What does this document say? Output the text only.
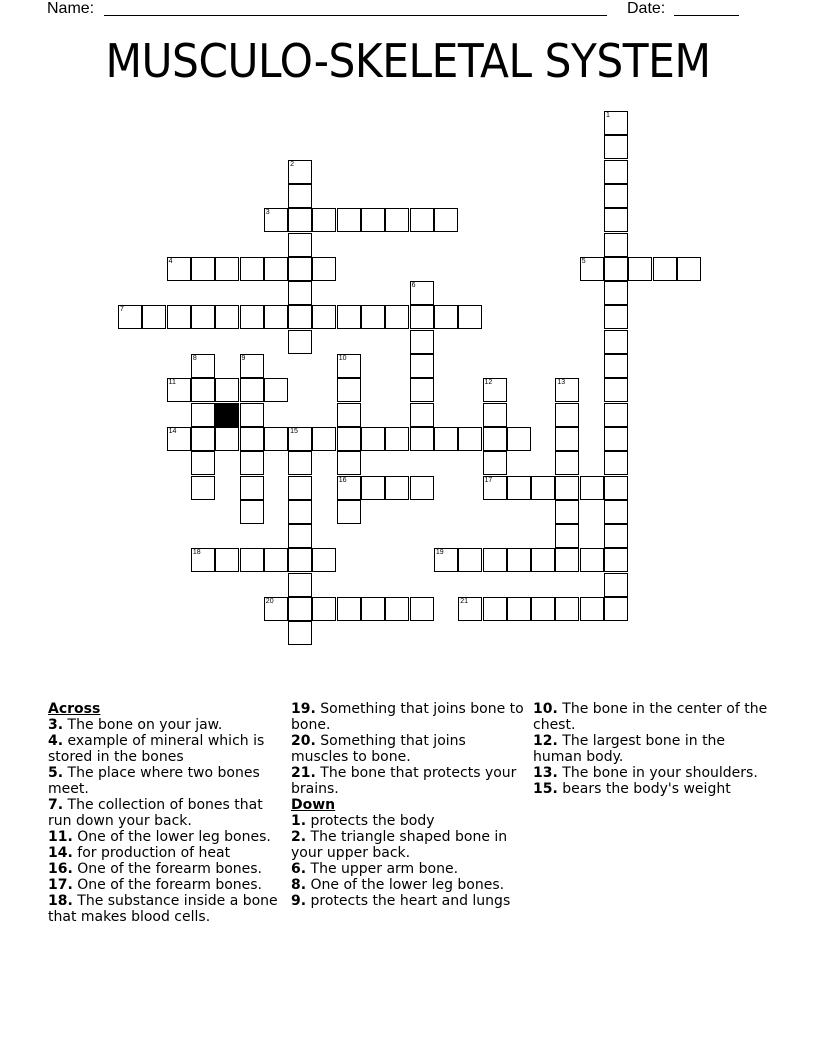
Name:	Date:
MUSCULO-SKELETAL SYSTEM
3
4	5
7
11
14	15
16	17
18	19
20	21
1
2
6
8	9	10
12	13
Across
3. The bone on your jaw.
4. example of mineral which is stored in the bones
5. The place where two bones meet.
7. The collection of bones that run down your back.
11. One of the lower leg bones.
14. for production of heat
16. One of the forearm bones.
17. One of the forearm bones.
18. The substance inside a bone that makes blood cells.
19. Something that joins bone to bone.
20. Something that joins muscles to bone.
21. The bone that protects your brains.
Down
1. protects the body
2. The triangle shaped bone in your upper back.
6. The upper arm bone.
8. One of the lower leg bones.
9. protects the heart and lungs
10. The bone in the center of the chest.
12. The largest bone in the human body.
13. The bone in your shoulders.
15. bears the body's weight
